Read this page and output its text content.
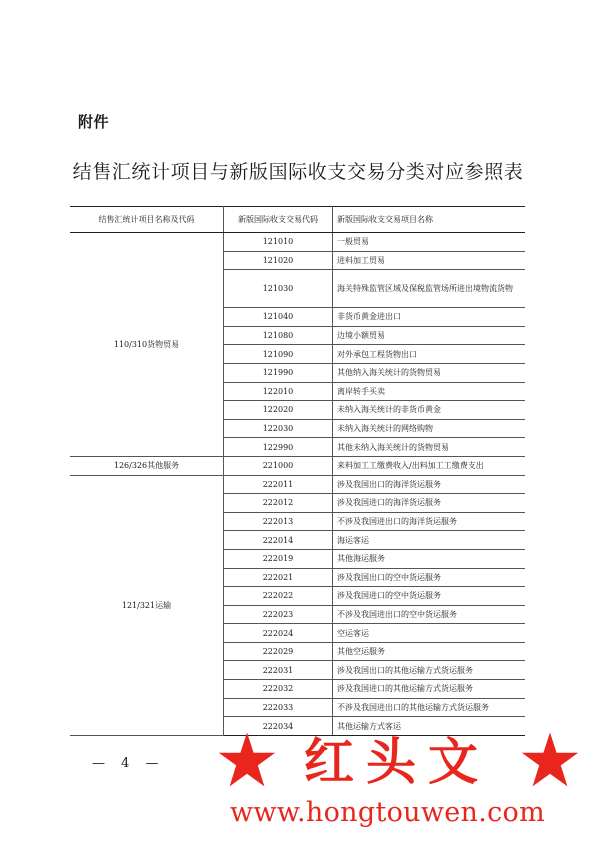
附件
结售汇统计项目与新版国际收支交易分类对应参照表
结售汇统计项目名称及代码	新版国际收支交易代码	新版国际收支交易项目名称
110/310货物贸易	121010	一般贸易
	121020	进料加工贸易
	121030	海关特殊监管区域及保税监管场所进出境物流货物
	121040	非货币黄金进出口
	121080	边境小额贸易
	121090	对外承包工程货物出口
	121990	其他纳入海关统计的货物贸易
	122010	离岸转手买卖
	122020	未纳入海关统计的非货币黄金
	122030	未纳入海关统计的网络购物
	122990	其他未纳入海关统计的货物贸易
126/326其他服务	221000	来料加工工缴费收入/出料加工工缴费支出
121/321运输	222011	涉及我国出口的海洋货运服务
	222012	涉及我国进口的海洋货运服务
	222013	不涉及我国进出口的海洋货运服务
	222014	海运客运
	222019	其他海运服务
	222021	涉及我国出口的空中货运服务
	222022	涉及我国进口的空中货运服务
	222023	不涉及我国进出口的空中货运服务
	222024	空运客运
	222029	其他空运服务
	222031	涉及我国出口的其他运输方式货运服务
	222032	涉及我国进口的其他运输方式货运服务
	222033	不涉及我国进出口的其他运输方式货运服务
	222034	其他运输方式客运
— 4 —	红头文
www.hongtouwen.com
